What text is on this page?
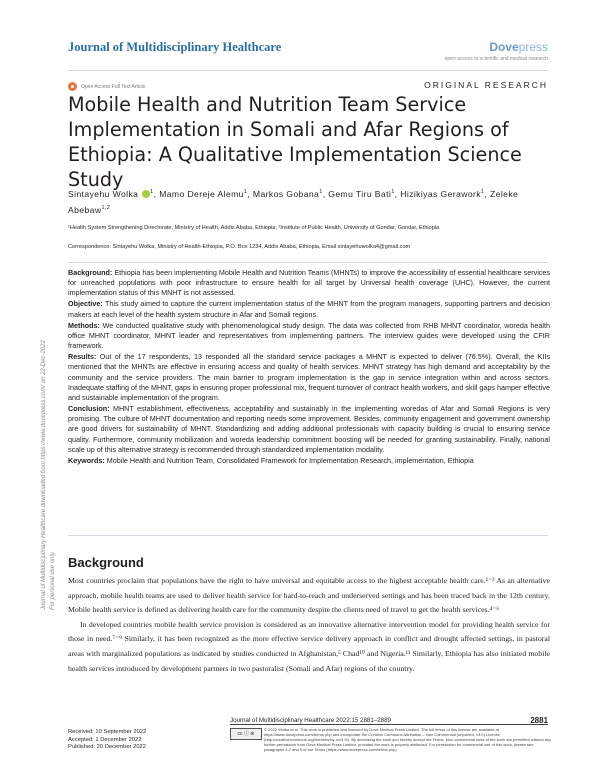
Journal of Multidisciplinary Healthcare	Dovepress
open access to scientific and medical research
Open Access Full Text Article	ORIGINAL RESEARCH
Mobile Health and Nutrition Team Service Implementation in Somali and Afar Regions of Ethiopia: A Qualitative Implementation Science Study
Sintayehu Wolka $^1$, Mamo Dereje Alemu$^1$, Markos Gobana$^1$, Gemu Tiru Bati$^1$, Hizikiyas Gerawork$^1$, Zeleke Abebaw$^{1,2}$
¹Health System Strengthening Directorate, Ministry of Health, Addis Ababa, Ethiopia; ²Institute of Public Health, University of Gondar, Gondar, Ethiopia
Correspondence: Sintayehu Wolka, Ministry of Health-Ethiopia, P.O. Box 1234, Addis Ababa, Ethiopia, Email sintayehuwolka4@gmail.com

Background: Ethiopia has been implementing Mobile Health and Nutrition Teams (MHNTs) to improve the accessibility of essential healthcare services for unreached populations with poor infrastructure to ensure health for all target by Universal health coverage (UHC). However, the current implementation status of this MNHT is not assessed.

Objective: This study aimed to capture the current implementation status of the MHNT from the program managers, supporting partners and decision makers at each level of the health system structure in Afar and Somali regions.

Methods: We conducted qualitative study with phenomenological study design. The data was collected from RHB MHNT coordinator, woreda health office MHNT coordinator, MHNT leader and representatives from implementing partners. The interview guides were developed using the CFIR framework.

Results: Out of the 17 respondents, 13 responded all the standard service packages a MHNT is expected to deliver (76.5%). Overall, the KIIs mentioned that the MHNTs are effective in ensuring access and quality of health services. MHNT strategy has high demand and acceptability by the community and the service providers. The main barrier to program implementation is the gap in service integration within and across sectors. Inadequate staffing of the MHNT, gaps in ensuring proper professional mix, frequent turnover of contract health workers, and skill gaps hamper effective and sustainable implementation of the program.

Conclusion: MHNT establishment, effectiveness, acceptability and sustainably in the implementing woredas of Afar and Somali Regions is very promising. The culture of MHNT documentation and reporting needs some improvement. Besides, community engagement and government ownership are good drivers for sustainability of MHNT. Standardizing and adding additional professionals with capacity building is crucial to ensuring service quality. Furthermore, community mobilization and woreda leadership commitment boosting will be needed for granting sustainability. Finally, national scale up of this alternative strategy is recommended through standardized implementation modality.

Keywords: Mobile Health and Nutrition Team, Consolidated Framework for Implementation Research, implementation, Ethiopia

Journal of Multidisciplinary Healthcare downloaded from https://www.dovepress.com/ on 22-Dec-2022 For personal use only. Background

Most countries proclaim that populations have the right to have universal and equitable access to the highest acceptable health care.¹⁻³ As an alternative approach, mobile health teams are used to deliver health service for hard-to-reach and underserved settings and has been traced back in the 12th century. Mobile health service is defined as delivering health care for the community despite the clients need of travel to get the health services.⁴⁻⁶

In developed countries mobile health service provision is considered as an innovative alternative intervention model for providing health service for those in need.⁷⁻⁹ Similarly, it has been recognized as the more effective service delivery approach in conflict and drought affected settings, in pastoral areas with marginalized populations as indicated by studies conducted in Afghanistan,⁵ Chad¹⁰ and Nigeria.¹¹ Similarly, Ethiopia has also initiated mobile health services introduced by development partners in two pastoralist (Somali and Afar) regions of the country.

Received: 10 September 2022
Accepted: 1 December 2022
Published: 20 December 2022
Journal of Multidisciplinary Healthcare 2022:15 2881–2889	2881
cc ⓘ ⊜
© 2022 Wolka et al. This work is published and licensed by Dove Medical Press Limited. The full terms of this license are available at https://www.dovepress.com/terms.php and incorporate the Creative Commons Attribution – Non Commercial (unported, v3.0) License (http://creativecommons.org/licenses/by-nc/3.0/). By accessing the work you hereby accept the Terms. Non-commercial uses of the work are permitted without any further permission from Dove Medical Press Limited, provided the work is properly attributed. For permission for commercial use of this work, please see paragraphs 4.2 and 5 of our Terms (https://www.dovepress.com/terms.php).
